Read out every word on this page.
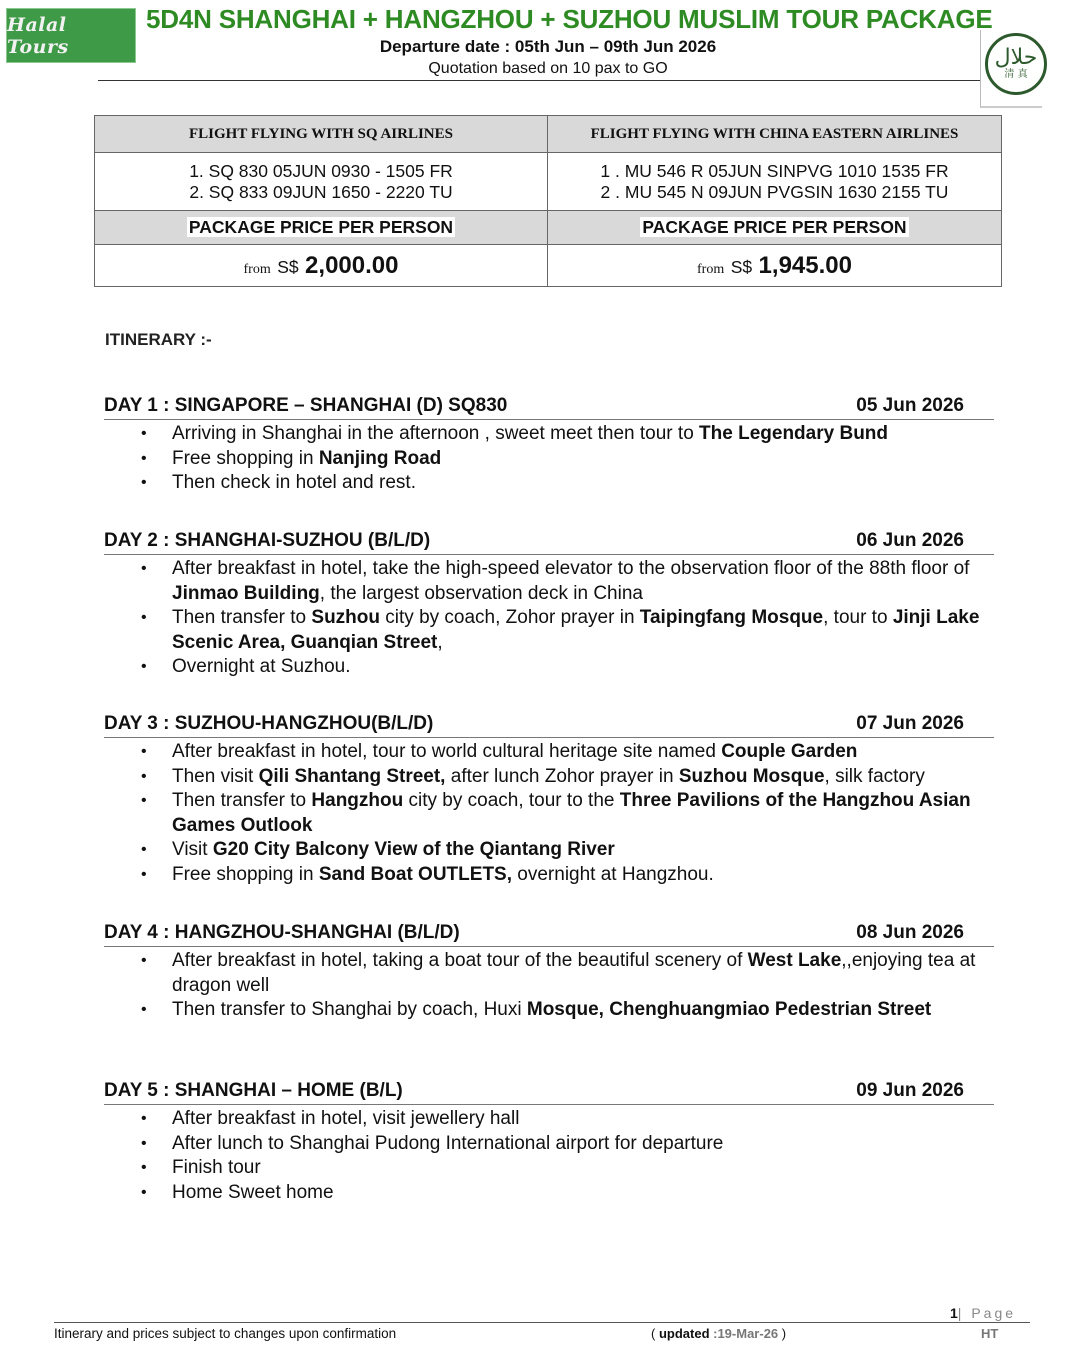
Halal Tours
5D4N SHANGHAI + HANGZHOU + SUZHOU MUSLIM TOUR PACKAGE
Departure date : 05th Jun – 09th Jun 2026
Quotation based on 10 pax to GO	حلال
清 真
FLIGHT FLYING WITH SQ AIRLINES	FLIGHT FLYING WITH CHINA EASTERN AIRLINES

1. SQ 830 05JUN 0930 - 1505 FR
2. SQ 833 09JUN 1650 - 2220 TU

1 . MU 546 R 05JUN SINPVG 1010 1535 FR
2 . MU 545 N 09JUN PVGSIN 1630 2155 TU

PACKAGE PRICE PER PERSON	PACKAGE PRICE PER PERSON
from S$ 2,000.00	from S$ 1,945.00
ITINERARY :-
DAY 1 : SINGAPORE – SHANGHAI (D) SQ830	05 Jun 2026
• Arriving in Shanghai in the afternoon , sweet meet then tour to The Legendary Bund
• Free shopping in Nanjing Road
• Then check in hotel and rest.
DAY 2 : SHANGHAI-SUZHOU (B/L/D)	06 Jun 2026
• After breakfast in hotel, take the high-speed elevator to the observation floor of the 88th floor of Jinmao Building, the largest observation deck in China
• Then transfer to Suzhou city by coach, Zohor prayer in Taipingfang Mosque, tour to Jinji Lake Scenic Area, Guanqian Street,
• Overnight at Suzhou.
DAY 3 : SUZHOU-HANGZHOU(B/L/D)	07 Jun 2026
• After breakfast in hotel, tour to world cultural heritage site named Couple Garden
• Then visit Qili Shantang Street, after lunch Zohor prayer in Suzhou Mosque, silk factory
• Then transfer to Hangzhou city by coach, tour to the Three Pavilions of the Hangzhou Asian Games Outlook
• Visit G20 City Balcony View of the Qiantang River
• Free shopping in Sand Boat OUTLETS, overnight at Hangzhou.
DAY 4 : HANGZHOU-SHANGHAI (B/L/D)	08 Jun 2026
• After breakfast in hotel, taking a boat tour of the beautiful scenery of West Lake,,enjoying tea at dragon well
• Then transfer to Shanghai by coach, Huxi Mosque, Chenghuangmiao Pedestrian Street
DAY 5 : SHANGHAI – HOME (B/L)	09 Jun 2026
• After breakfast in hotel, visit jewellery hall
• After lunch to Shanghai Pudong International airport for departure
• Finish tour
• Home Sweet home
1| Page
Itinerary and prices subject to changes upon confirmation	( updated :19-Mar-26 )	HT
